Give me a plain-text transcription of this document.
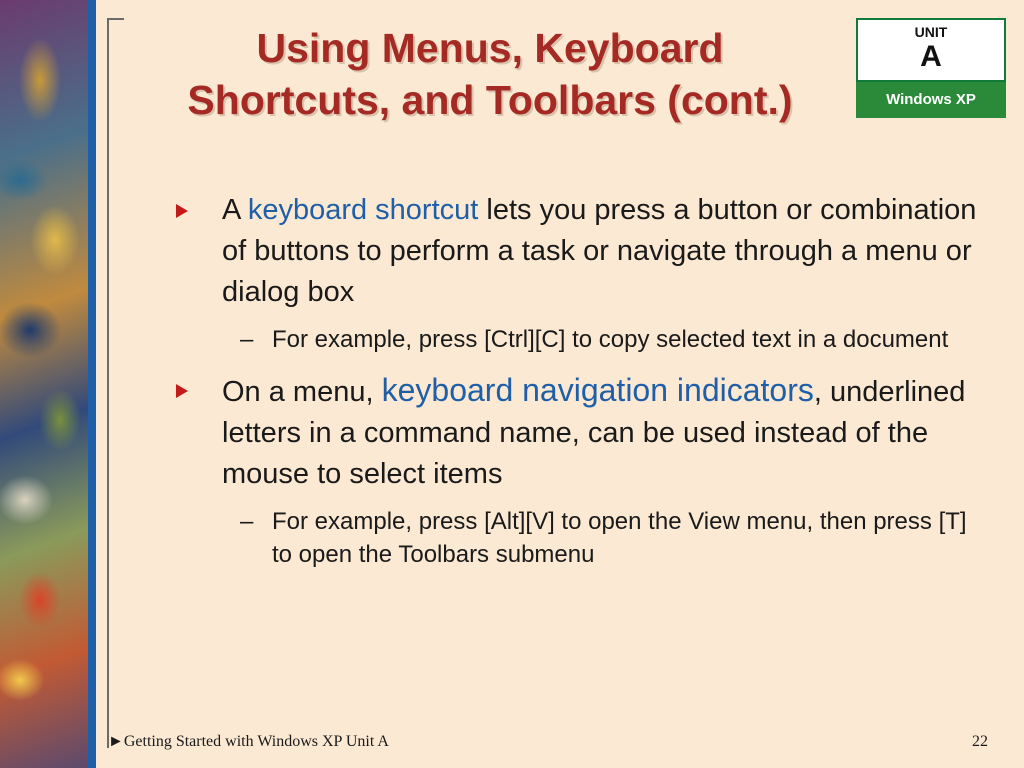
Using Menus, Keyboard
Shortcuts, and Toolbars (cont.)
UNIT
A
Windows XP
A keyboard shortcut lets you press a button or combination of buttons to perform a task or navigate through a menu or dialog box
– For example, press [Ctrl][C] to copy selected text in a document
On a menu, keyboard navigation indicators, underlined letters in a command name, can be used instead of the mouse to select items
– For example, press [Alt][V] to open the View menu, then press [T] to open the Toolbars submenu
►Getting Started with Windows XP Unit A	22
